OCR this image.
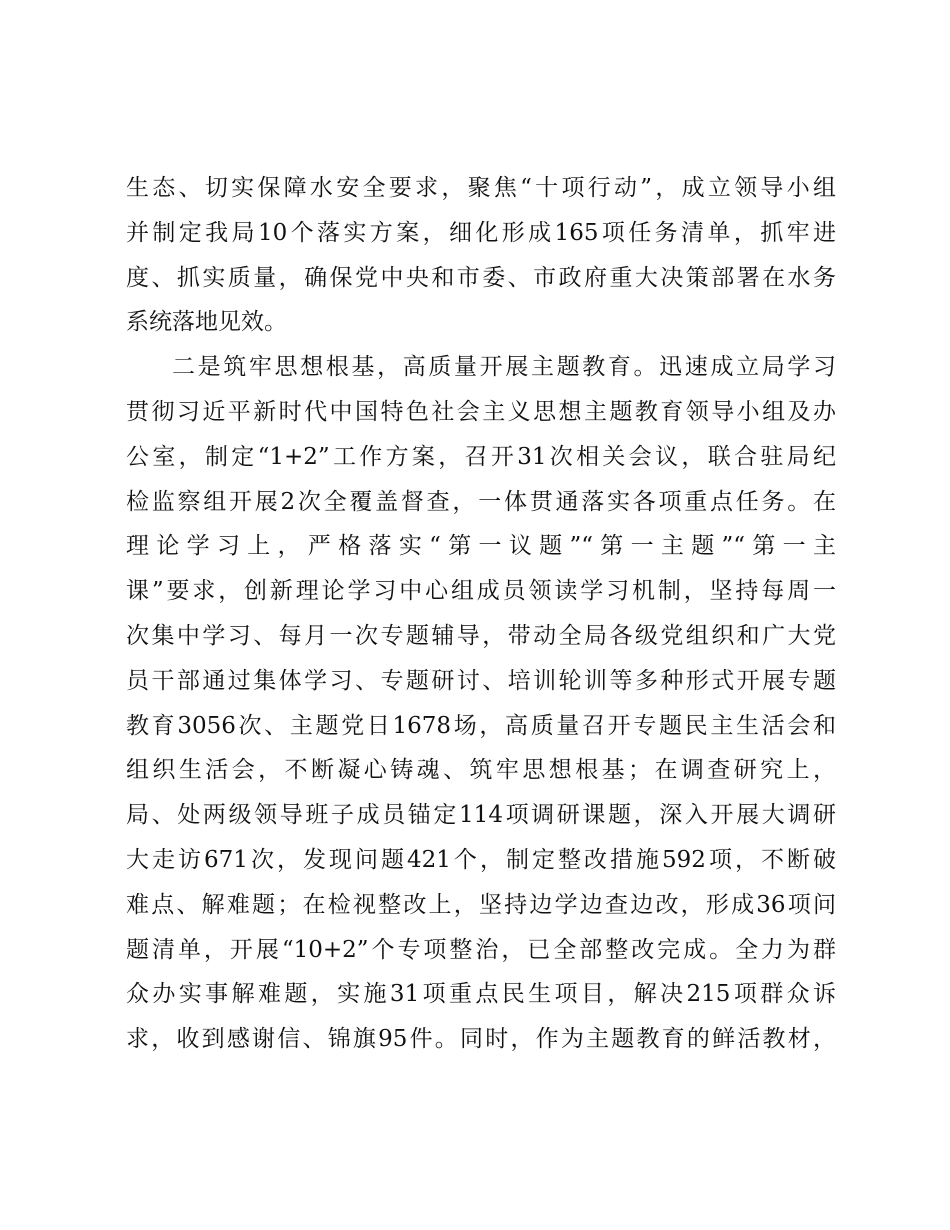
生态、切实保障水安全要求，聚焦“十项行动”，成立领导小组
并制定我局10个落实方案，细化形成165项任务清单，抓牢进
度、抓实质量，确保党中央和市委、市政府重大决策部署在水务
系统落地见效。
二是筑牢思想根基，高质量开展主题教育。迅速成立局学习
贯彻习近平新时代中国特色社会主义思想主题教育领导小组及办
公室，制定“1+2”工作方案，召开31次相关会议，联合驻局纪
检监察组开展2次全覆盖督查，一体贯通落实各项重点任务。在
理论学习上，严格落实“第一议题”“第一主题”“第一主
课”要求，创新理论学习中心组成员领读学习机制，坚持每周一
次集中学习、每月一次专题辅导，带动全局各级党组织和广大党
员干部通过集体学习、专题研讨、培训轮训等多种形式开展专题
教育3056次、主题党日1678场，高质量召开专题民主生活会和
组织生活会，不断凝心铸魂、筑牢思想根基；在调查研究上，
局、处两级领导班子成员锚定114项调研课题，深入开展大调研
大走访671次，发现问题421个，制定整改措施592项，不断破
难点、解难题；在检视整改上，坚持边学边查边改，形成36项问
题清单，开展“10+2”个专项整治，已全部整改完成。全力为群
众办实事解难题，实施31项重点民生项目，解决215项群众诉
求，收到感谢信、锦旗95件。同时，作为主题教育的鲜活教材，
